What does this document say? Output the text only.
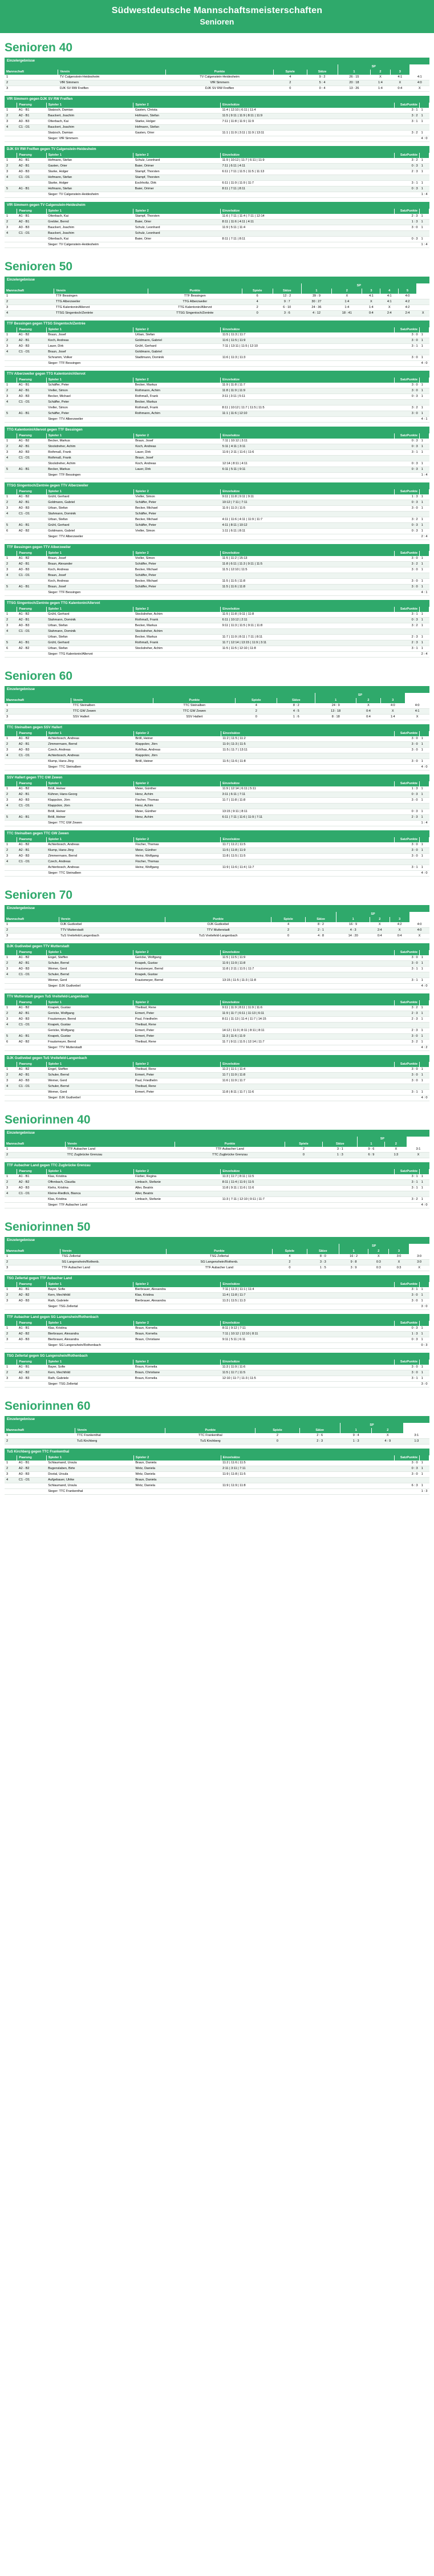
Südwestdeutsche Mannschaftsmeisterschaften
Senioren
Senioren 40
Einzelergebnisse
					SP			
Mannschaft	Verein	Punkte	Spiele	Sätze	1	2	3	
1	TV Calgenstein-Heidesheim	TV Calgenstein-Heidesheim	4	9 : 2	26 : 15	X	4:1	4:1
2	VfR Simmern	VfR Simmern	2	5 : 4	20 : 18	1:4	X	4:0
3	DJK SV RW Freiflen	DJK SV RW Freiflen	0	0 : 4	13 : 26	1:4	0:4	X
VfR Simmern gegen DJK SV RW Freiflen
	Paarung	Spieler 1	Spieler 2	Einzelsätze	SatzPunkte	
1	A1 - B1	Statzsch, Damian	Gasten, Christa	11:4 | 12:10 | 6:11 | 11:4	3 : 1	1
2	A2 - B1	Bauckert, Joachim	Hofmann, Stefan	11:5 | 9:11 | 11:9 | 8:11 | 11:9	3 : 2	1
3	A3 - B3	Otterbach, Kai	Starke, Holger	7:11 | 11:8 | 11:9 | 11:9	3 : 1	1
4	C1 - D1	Bauckert, Joachim	Hofmann, Stefan			
		Statzsch, Damian	Gasten, Orier	11:1 | 11:9 | 3:11 | 11:9 | 13:11	3 : 2	1
		Sieger: VfR Simmern				4 : 0
DJK SV RW Freiflen gegen TV Calgenstein-Heidesheim
	Paarung	Spieler 1	Spieler 2	Einzelsätze	SatzPunkte	
1	A1 - B1	Hofmann, Stefan	Schulz, Leonhard	11:9 | 10:12 | 11:7 | 6:11 | 11:9	3 : 2	1
2	A2 - B1	Gasten, Orier	Baier, Orimer	7:11 | 6:11 | 4:11	0 : 3	1
3	A3 - B3	Starke, Holger	Stampf, Thorsten	6:11 | 7:11 | 11:5 | 11:5 | 11:13	2 : 3	1
4	C1 - D1	Hofmann, Stefan	Stampf, Thorsten			
		Starke, Holger	Eschholtz, Dirk	6:11 | 11:9 | 11:9 | 11:7	3 : 1	1
5	A1 - B1	Hofmann, Stefan	Baier, Orimer	8:11 | 7:11 | 8:11	0 : 3	1
		Sieger: TV Calgenstein-Heidesheim				1 : 4
VfR Simmern gegen TV Calgenstein-Heidesheim
	Paarung	Spieler 1	Spieler 2	Einzelsätze	SatzPunkte	
1	A1 - B1	Otterbach, Kai	Stampf, Thorsten	11:6 | 7:11 | 11:4 | 7:11 | 12:14	2 : 3	1
2	A2 - B1	Grebler, Bernd	Baier, Orier	8:11 | 11:6 | 4:11 | 4:11	1 : 3	1
3	A3 - B3	Bauckert, Joachim	Schulz, Leonhard	11:9 | 5:11 | 11:4	3 : 0	1
4	C1 - D1	Bauckert, Joachim	Schulz, Leonhard			
		Otterbach, Kai	Baier, Orier	8:11 | 7:11 | 8:11	0 : 3	1
		Sieger: TV Calgenstein-Heidesheim				1 : 4
Senioren 50
Einzelergebnisse
					SP					
Mannschaft	Verein	Punkte	Spiele	Sätze	1	2	3	4	5	
1	TTF Bessingen	TTF Bessingen	6	12 : 2	39 : 9	X	4:1	4:1	4:0	
2	TTG Alberzweiler	TTG Alberzweiler	4	9 : 7	30 : 27	1:4	X	4:1	4:2	
3	TTG Kalentonin/Allervot	TTG Kalentonin/Allervot	2	6 : 10	24 : 36	1:4	1:4	X	4:2	
4	TTSG Singentoch/Zentrée	TTSG Singentoch/Zentrée	0	3 : 6	4 : 12	18 : 41	0:4	2:4	2:4	X
TTF Bessingen gegen TTSG Singentoch/Zentrée
	Paarung	Spieler 1	Spieler 2	Einzelsätze	SatzPunkte	
1	A1 - B2	Braun, Josef	Urban, Stefan	11:5 | 11:3 | 11:7	3 : 0	1
2	A2 - B1	Koch, Andreas	Goldmann, Gabriel	11:6 | 11:5 | 11:9	3 : 0	1
3	A3 - B3	Lauer, Dirk	Grühl, Gerhard	7:11 | 13:11 | 11:5 | 12:10	3 : 1	1
4	C1 - D1	Braun, Josef	Goldmann, Gabriel			
		Schramm, Volker	Stadtmann, Dominik	11:6 | 11:3 | 11:3	3 : 0	1
		Sieger: TTF Bessingen				4 : 0
TTV Alberzweiler gegen TTG Kalentonin/Allervot
	Paarung	Spieler 1	Spieler 2	Einzelsätze	SatzPunkte	
1	A1 - B1	Schäffer, Peter	Becker, Markus	11:9 | 11:8 | 11:7	3 : 0	1
2	A2 - B1	Vreller, Simon	Rothmann, Achim	11:8 | 11:9 | 11:9	3 : 0	1
3	A3 - B3	Becker, Michael	Rothmaß, Frank	3:11 | 3:11 | 5:11	0 : 3	1
4	C1 - D1	Schäffer, Peter	Becker, Markus			
		Vreller, Simon	Rothmaß, Frank	8:11 | 10:12 | 11:7 | 11:5 | 11:5	3 : 2	1
5	A1 - B1	Schäffer, Peter	Rothmann, Achim	11:1 | 11:6 | 12:10	3 : 0	1
		Sieger: TTV Alberzweiler				4 : 1
TTG Kalentonin/Allervot gegen TTF Bessingen
	Paarung	Spieler 1	Spieler 2	Einzelsätze	SatzPunkte	
1	A1 - B2	Becker, Markus	Braun, Josef	7:11 | 10:12 | 3:11	0 : 3	1
2	A2 - B1	Stockdreher, Achim	Koch, Andreas	5:11 | 4:11 | 3:11	0 : 3	1
3	A3 - B3	Rothmaß, Frank	Lauer, Dirk	11:9 | 2:11 | 11:6 | 11:6	3 : 1	1
4	C1 - D1	Rothmaß, Frank	Braun, Josef			
		Stockdreher, Achim	Koch, Andreas	12:14 | 8:11 | 4:11	0 : 3	1
5	A1 - B1	Becker, Markus	Lauer, Dirk	6:11 | 5:11 | 9:11	0 : 3	1
		Sieger: TTF Bessingen				1 : 4
TTSG Singentoch/Zentrée gegen TTV Alberzweiler
	Paarung	Spieler 1	Spieler 2	Einzelsätze	SatzPunkte	
1	A1 - B2	Grühl, Gerhard	Vreller, Simon	9:11 | 11:8 | 9:11 | 9:11	1 : 3	1
2	A2 - B1	Goldmann, Gabriel	Schäffer, Peter	10:12 | 7:11 | 7:11	0 : 3	1
3	A3 - B3	Urban, Stefan	Becker, Michael	11:9 | 11:3 | 11:5	3 : 0	1
4	C1 - D1	Stahmann, Dominik	Schäffer, Peter			
		Urban, Stefan	Becker, Michael	4:11 | 11:6 | 4:11 | 11:9 | 11:7	3 : 2	1
5	A1 - B1	Grühl, Gerhard	Schäffer, Peter	4:11 | 8:11 | 10:12	0 : 3	1
6	A2 - B2	Goldmann, Gabriel	Vreller, Simon	1:11 | 6:11 | 8:11	0 : 3	1
		Sieger: TTV Alberzweiler				2 : 4
TTF Bessingen gegen TTV Alberzweiler
	Paarung	Spieler 1	Spieler 2	Einzelsätze	SatzPunkte	
1	A1 - B2	Braun, Josef	Vreller, Simon	11:5 | 11:2 | 15:13	3 : 0	1
2	A2 - B1	Braun, Alexander	Schäffer, Peter	11:8 | 6:11 | 11:3 | 9:11 | 11:5	3 : 2	1
3	A3 - B3	Koch, Andreas	Becker, Michael	11:5 | 12:10 | 11:5	3 : 0	1
4	C1 - D1	Braun, Josef	Schäffer, Peter			
		Koch, Andreas	Becker, Michael	11:5 | 11:5 | 11:8	3 : 0	1
5	A1 - B1	Braun, Josef	Schäffer, Peter	11:5 | 11:6 | 11:8	3 : 0	1
		Sieger: TTF Bessingen				4 : 1
TTSG Singentoch/Zentrée gegen TTG Kalentonin/Allervot
	Paarung	Spieler 1	Spieler 2	Einzelsätze	SatzPunkte	
1	A1 - B2	Grühl, Gerhard	Stockdreher, Achim	11:5 | 11:8 | 9:11 | 11:8	3 : 1	1
2	A2 - B1	Stahmann, Dominik	Rothmaß, Frank	6:11 | 10:12 | 2:11	0 : 3	1
3	A3 - B3	Urban, Stefan	Becker, Markus	9:11 | 11:3 | 11:5 | 9:11 | 11:8	3 : 2	1
4	C1 - D1	Stahmann, Dominik	Stockdreher, Achim			
		Urban, Stefan	Becker, Markus	11:7 | 11:9 | 8:11 | 7:11 | 8:11	2 : 3	1
5	A1 - B1	Grühl, Gerhard	Rothmaß, Frank	11:7 | 12:14 | 13:15 | 11:9 | 3:11	2 : 3	1
6	A2 - B2	Urban, Stefan	Stockdreher, Achim	11:5 | 11:5 | 12:10 | 11:8	3 : 1	1
		Sieger: TTG Kalentonin/Allervot				2 : 4
Senioren 60
Einzelergebnisse
					SP			
Mannschaft	Verein	Punkte	Spiele	Sätze	1	2	3	
1	TTC Steinalben	TTC Steinalben	4	8 : 2	24 : 9	X	4:0	4:0
2	TTC GW Zewen	TTC GW Zewen	2	4 : 5	13 : 18	0:4	X	4:1
3	SSV Hallert	SSV Hallert	0	1 : 6	8 : 18	0:4	1:4	X
TTC Steinalben gegen SSV Hallert
	Paarung	Spieler 1	Spieler 2	Einzelsätze	SatzPunkte	
1	A1 - B2	Achterbosch, Andreas	Bröll, Heiner	11:2 | 11:5 | 11:2	3 : 0	1
2	A2 - B1	Zimmermann, Bernd	Klappcknr, Jörn	11:9 | 11:3 | 11:5	3 : 0	1
3	A3 - B3	Czech, Andreas	Kohlhas, Andreas	11:5 | 11:7 | 13:11	3 : 0	1
4	C1 - D1	Achterbosch, Andreas	Klappcknr, Jörn			
		Klump, Hans-Jörg	Bröll, Heiner	11:5 | 11:6 | 11:8	3 : 0	1
		Sieger: TTC Steinalben				4 : 0
SSV Hallert gegen TTC GW Zewen
	Paarung	Spieler 1	Spieler 2	Einzelsätze	SatzPunkte	
1	A1 - B2	Bröll, Heiner	Meier, Günther	11:9 | 12:14 | 6:11 | 5:11	1 : 3	1
2	A2 - B1	Kühner, Hans-Georg	Henz, Achim	3:11 | 6:11 | 7:11	0 : 3	1
3	A3 - B3	Klappcknr, Jörn	Fischer, Thomas	11:7 | 11:8 | 11:8	3 : 0	1
4	C1 - D1	Klappcknr, Jörn	Henz, Achim			
		Bröll, Heiner	Meier, Günther	13:15 | 9:11 | 8:11	0 : 3	1
5	A1 - B1	Bröll, Heiner	Henz, Achim	6:11 | 7:11 | 11:6 | 11:9 | 7:11	2 : 3	1
		Sieger: TTC GW Zewen				1 : 4
TTC Steinalben gegen TTC GW Zewen
	Paarung	Spieler 1	Spieler 2	Einzelsätze	SatzPunkte	
1	A1 - B2	Achterbosch, Andreas	Fischer, Thomas	11:7 | 11:2 | 11:5	3 : 0	1
2	A2 - B1	Klump, Hans-Jörg	Meier, Günther	11:5 | 11:8 | 11:9	3 : 0	1
3	A3 - B3	Zimmermann, Bernd	Heinz, Wolfgang	11:8 | 11:5 | 11:5	3 : 0	1
4	C1 - D1	Czech, Andreas	Fischer, Thomas			
		Achterbosch, Andreas	Heinz, Wolfgang	11:9 | 11:6 | 11:4 | 11:7	3 : 1	1
		Sieger: TTC Steinalben				4 : 0
Senioren 70
Einzelergebnisse
					SP			
Mannschaft	Verein	Punkte	Spiele	Sätze	1	2	3	
1	DJK Gudivebel	DJK Gudivebel	4	8 : 2	16 : 9	X	4:2	4:0
2	TTV Mutterstadt	TTV Mutterstadt	2	2 : 1	4 : 3	2:4	X	4:0
3	TuS Vreitefeld-Langenbach	TuS Vreitefeld-Langenbach	0	4 : 8	14 : 20	0:4	0:4	X
DJK Gudivebel gegen TTV Mutterstadt
	Paarung	Spieler 1	Spieler 2	Einzelsätze	SatzPunkte	
1	A1 - B2	Engel, Steffen	Gericke, Wolfgang	11:5 | 11:5 | 11:9	3 : 0	1
2	A2 - B1	Schuler, Bernd	Knapek, Gustav	11:9 | 11:9 | 11:8	3 : 0	1
3	A3 - B3	Wemer, Gerd	Frautsmeyer, Bernd	11:8 | 2:11 | 11:5 | 11:7	3 : 1	1
4	C1 - D1	Schuler, Bernd	Knapek, Gustav			
		Wemer, Gerd	Frautsmeyer, Bernd	13:15 | 11:5 | 11:3 | 11:8	3 : 1	1
		Sieger: DJK Gudivebel				4 : 0
TTV Mutterstadt gegen TuS Vreitefeld-Langenbach
	Paarung	Spieler 1	Spieler 2	Einzelsätze	SatzPunkte	
1	A1 - B2	Knapek, Gustav	Theibud, Rene	9:11 | 11:9 | 8:11 | 11:9 | 11:6	3 : 2	1
2	A2 - B1	Gericke, Wolfgang	Ermert, Peter	11:9 | 11:7 | 6:11 | 11:13 | 6:11	2 : 3	1
3	A3 - B3	Frautsmeyer, Bernd	Paul, Friedhelm	8:11 | 11:13 | 11:4 | 11:7 | 14:15	2 : 3	1
4	C1 - D1	Knapek, Gustav	Theibud, Rene			
		Gericke, Wolfgang	Ermert, Peter	14:12 | 11:3 | 8:11 | 8:11 | 8:11	2 : 3	1
5	A1 - B1	Knapek, Gustav	Ermert, Peter	11:3 | 11:6 | 11:9	3 : 0	1
6	A2 - B2	Frautsmeyer, Bernd	Theibud, Rene	11:7 | 9:11 | 11:5 | 12:14 | 11:7	3 : 2	1
		Sieger: TTV Mutterstadt				4 : 2
DJK Gudivebel gegen TuS Vreitefeld-Langenbach
	Paarung	Spieler 1	Spieler 2	Einzelsätze	SatzPunkte	
1	A1 - B2	Engel, Steffen	Theibud, Rene	11:2 | 11:1 | 11:4	3 : 0	1
2	A2 - B1	Schuler, Bernd	Ermert, Peter	11:7 | 11:9 | 11:8	3 : 0	1
3	A3 - B3	Wemer, Gerd	Paul, Friedhelm	11:6 | 11:9 | 11:7	3 : 0	1
4	C1 - D1	Schuler, Bernd	Theibud, Rene			
		Wemer, Gerd	Ermert, Peter	11:8 | 8:11 | 11:7 | 11:6	3 : 1	1
		Sieger: DJK Gudivebel				4 : 0
Seniorinnen 40
Einzelergebnisse
					SP		
Mannschaft	Verein	Punkte	Spiele	Sätze	1	2	
1	TTF Aubacher Land	TTF Aubacher Land	2	3 : 1	9 : 6	X	3:1
2	TTC Zugbrücke Grenzau	TTC Zugbrücke Grenzau	0	1 : 3	6 : 9	1:3	X
TTF Aubacher Land gegen TTC Zugbrücke Grenzau
	Paarung	Spieler 1	Spieler 2	Einzelsätze	SatzPunkte	
1	A1 - B1	Klas, Kristina	Färber, Regina	11:3 | 11:7 | 8:11 | 11:5	3 : 1	1
2	A2 - B2	Offenbach, Claudia	Limbach, Stefanie	8:11 | 11:4 | 11:9 | 11:5	3 : 1	1
3	A3 - B3	Kiehs, Kristina	Aller, Beatrix	11:8 | 9:11 | 11:6 | 11:6	3 : 1	1
4	C1 - D1	Kleine-Riedlick, Bianca	Aller, Beatrix			
		Klas, Kristina	Limbach, Stefanie	11:3 | 7:11 | 12:10 | 9:11 | 11:7	3 : 2	1
		Sieger: TTF Aubacher Land				4 : 0
Seniorinnen 50
Einzelergebnisse
					SP			
Mannschaft	Verein	Punkte	Spiele	Sätze	1	2	3	
1	TSG Zellertal	TSG Zellertal	4	8 : 0	16 : 2	X	3:0	3:0
2	SG Langenshein/Rothenb.	SG Langenshein/Rothenb.	2	3 : 3	9 : 8	0:3	X	3:0
3	TTF Aubacher Land	TTF Aubacher Land	0	1 : 5	3 : 9	0:3	0:3	X
TSG Zellertal gegen TTF Aubacher Land
	Paarung	Spieler 1	Spieler 2	Einzelsätze	SatzPunkte	
1	A1 - B1	Bayer, Sofie	Bierbrauer, Alexandra	7:11 | 11:3 | 11:1 | 11:4	3 : 1	1
2	A2 - B2	Kern, Mechthild	Klas, Kristina	11:4 | 11:8 | 11:7	3 : 0	1
3	A3 - B3	Rath, Gabriele	Bierbrauer, Alexandra	11:3 | 11:5 | 11:3	3 : 0	1
		Sieger: TSG Zellertal				3 : 0
TTF Aubacher Land gegen SG Langenshein/Rothenbach
	Paarung	Spieler 1	Spieler 2	Einzelsätze	SatzPunkte	
1	A1 - B1	Klas, Kristina	Braun, Kornelia	8:11 | 9:12 | 7:11	0 : 3	1
2	A2 - B2	Bierbrauer, Alexandra	Braun, Kornelia	7:11 | 10:12 | 12:10 | 8:11	1 : 3	1
3	A3 - B3	Bierbrauer, Alexandra	Braun, Christiane	9:11 | 5:11 | 6:11	0 : 3	1
		Sieger: SG Langenshein/Rothenbach				0 : 3
TSG Zellertal gegen SG Langenshein/Rothenbach
	Paarung	Spieler 1	Spieler 2	Einzelsätze	SatzPunkte	
1	A1 - B1	Bayer, Sofie	Braun, Kornelia	11:3 | 11:9 | 11:6	3 : 0	1
2	A2 - B2	Kern, Mechthild	Braun, Christiane	11:5 | 11:7 | 11:5	3 : 0	1
3	A3 - B3	Rath, Gabriele	Braun, Kornelia	12:10 | 11:7 | 11:3 | 11:5	3 : 1	1
		Sieger: TSG Zellertal				3 : 0
Seniorinnen 60
Einzelergebnisse
					SP		
Mannschaft	Verein	Punkte	Spiele	Sätze	1	2	
1	TTC Frankenthal	TTC Frankenthal	2	2 : 6	9 : 4	X	3:1
2	TuS Kirchberg	TuS Kirchberg	0	2 : 3	1 : 3	4 : 9	1:3
TuS Kirchberg gegen TTC Frankenthal
	Paarung	Spieler 1	Spieler 2	Einzelsätze	SatzPunkte	
1	A1 - B1	Schlaumand, Ursula	Braun, Daniela	11:2 | 11:6 | 11:5	3 : 0	1
2	A2 - B2	Bugenslaben, Birte	Wetz, Daniela	2:11 | 3:11 | 7:11	0 : 3	1
3	A3 - B3	Dostal, Ursula	Wetz, Daniela	11:9 | 11:8 | 11:5	3 : 0	1
4	C1 - D1	Aufgebauer, Ulrike	Braun, Daniela			
		Schlaumand, Ursula	Wetz, Daniela	11:9 | 11:9 | 11:8	6 : 3	1
		Sieger: TTC Frankenthal				1 : 3
